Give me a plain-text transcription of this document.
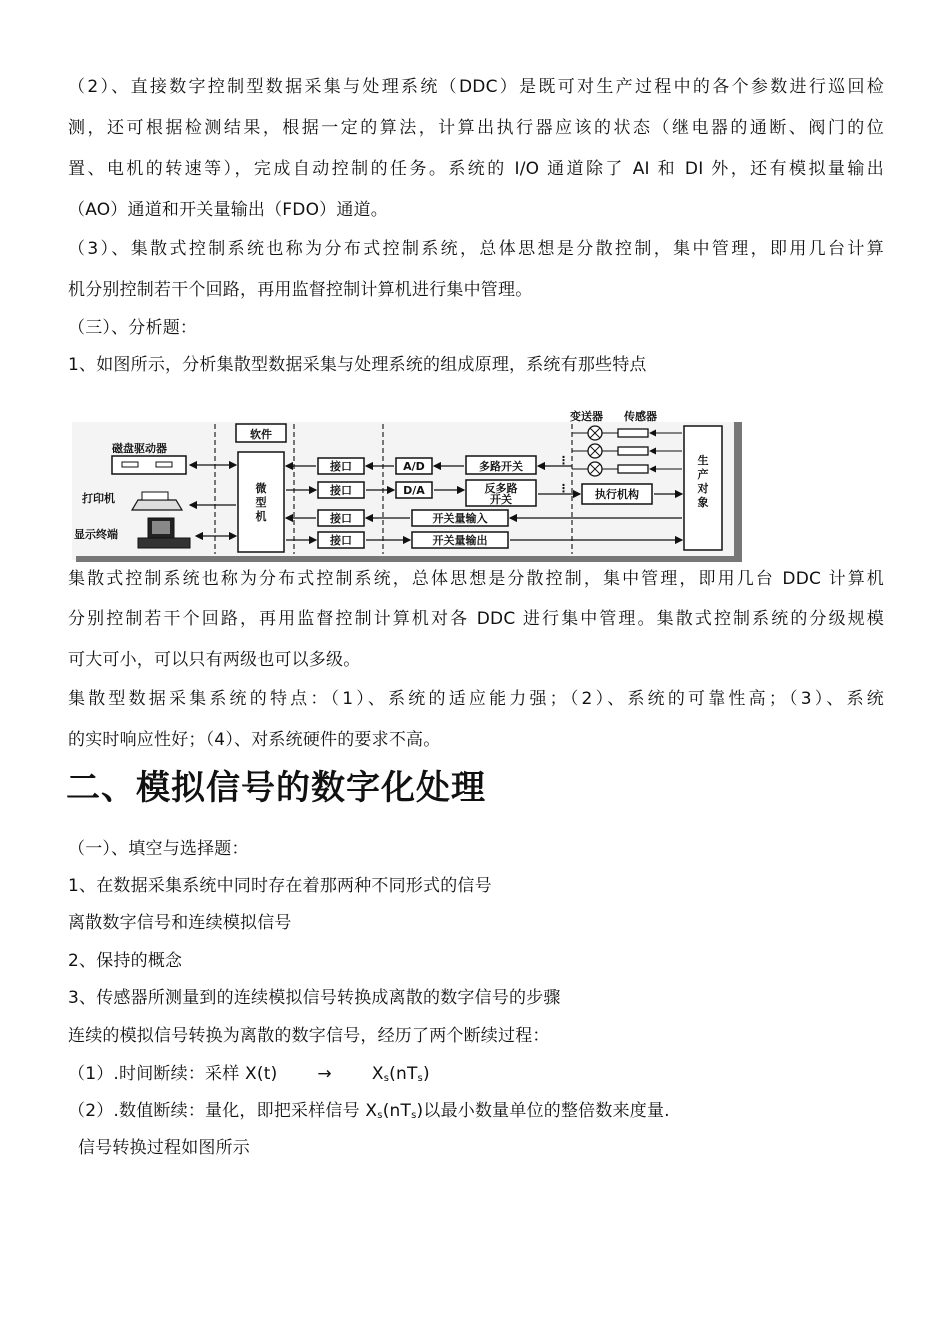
（2）、直接数字控制型数据采集与处理系统（DDC）是既可对生产过程中的各个参数进行巡回检
测，还可根据检测结果，根据一定的算法，计算出执行器应该的状态（继电器的通断、阀门的位
置、电机的转速等），完成自动控制的任务。系统的 I/O 通道除了 AI 和 DI 外，还有模拟量输出
（AO）通道和开关量输出（FDO）通道。
（3）、集散式控制系统也称为分布式控制系统，总体思想是分散控制，集中管理，即用几台计算
机分别控制若干个回路，再用监督控制计算机进行集中管理。
（三）、分析题：
1、如图所示，分析集散型数据采集与处理系统的组成原理，系统有那些特点
软件
磁盘驱动器
打印机
显示终端
微
型
机
接口
接口
接口
接口
A/D
D/A
多路开关
反多路
开关
开关量输入
开关量输出
变送器 传感器
⋮
执行机构
⋮
生
产
对
象
集散式控制系统也称为分布式控制系统，总体思想是分散控制，集中管理，即用几台 DDC 计算机
分别控制若干个回路，再用监督控制计算机对各 DDC 进行集中管理。集散式控制系统的分级规模
可大可小，可以只有两级也可以多级。
集散型数据采集系统的特点：（1）、系统的适应能力强；（2）、系统的可靠性高；（3）、系统
的实时响应性好；（4）、对系统硬件的要求不高。
二、模拟信号的数字化处理
（一）、填空与选择题：
1、在数据采集系统中同时存在着那两种不同形式的信号
离散数字信号和连续模拟信号
2、保持的概念
3、传感器所测量到的连续模拟信号转换成离散的数字信号的步骤
连续的模拟信号转换为离散的数字信号，经历了两个断续过程：
（1）.时间断续：采样 $X(t) \to X_s(nT_s)$
（2）.数值断续：量化，即把采样信号 $X_s(nT_s)$以最小数量单位的整倍数来度量.
信号转换过程如图所示
